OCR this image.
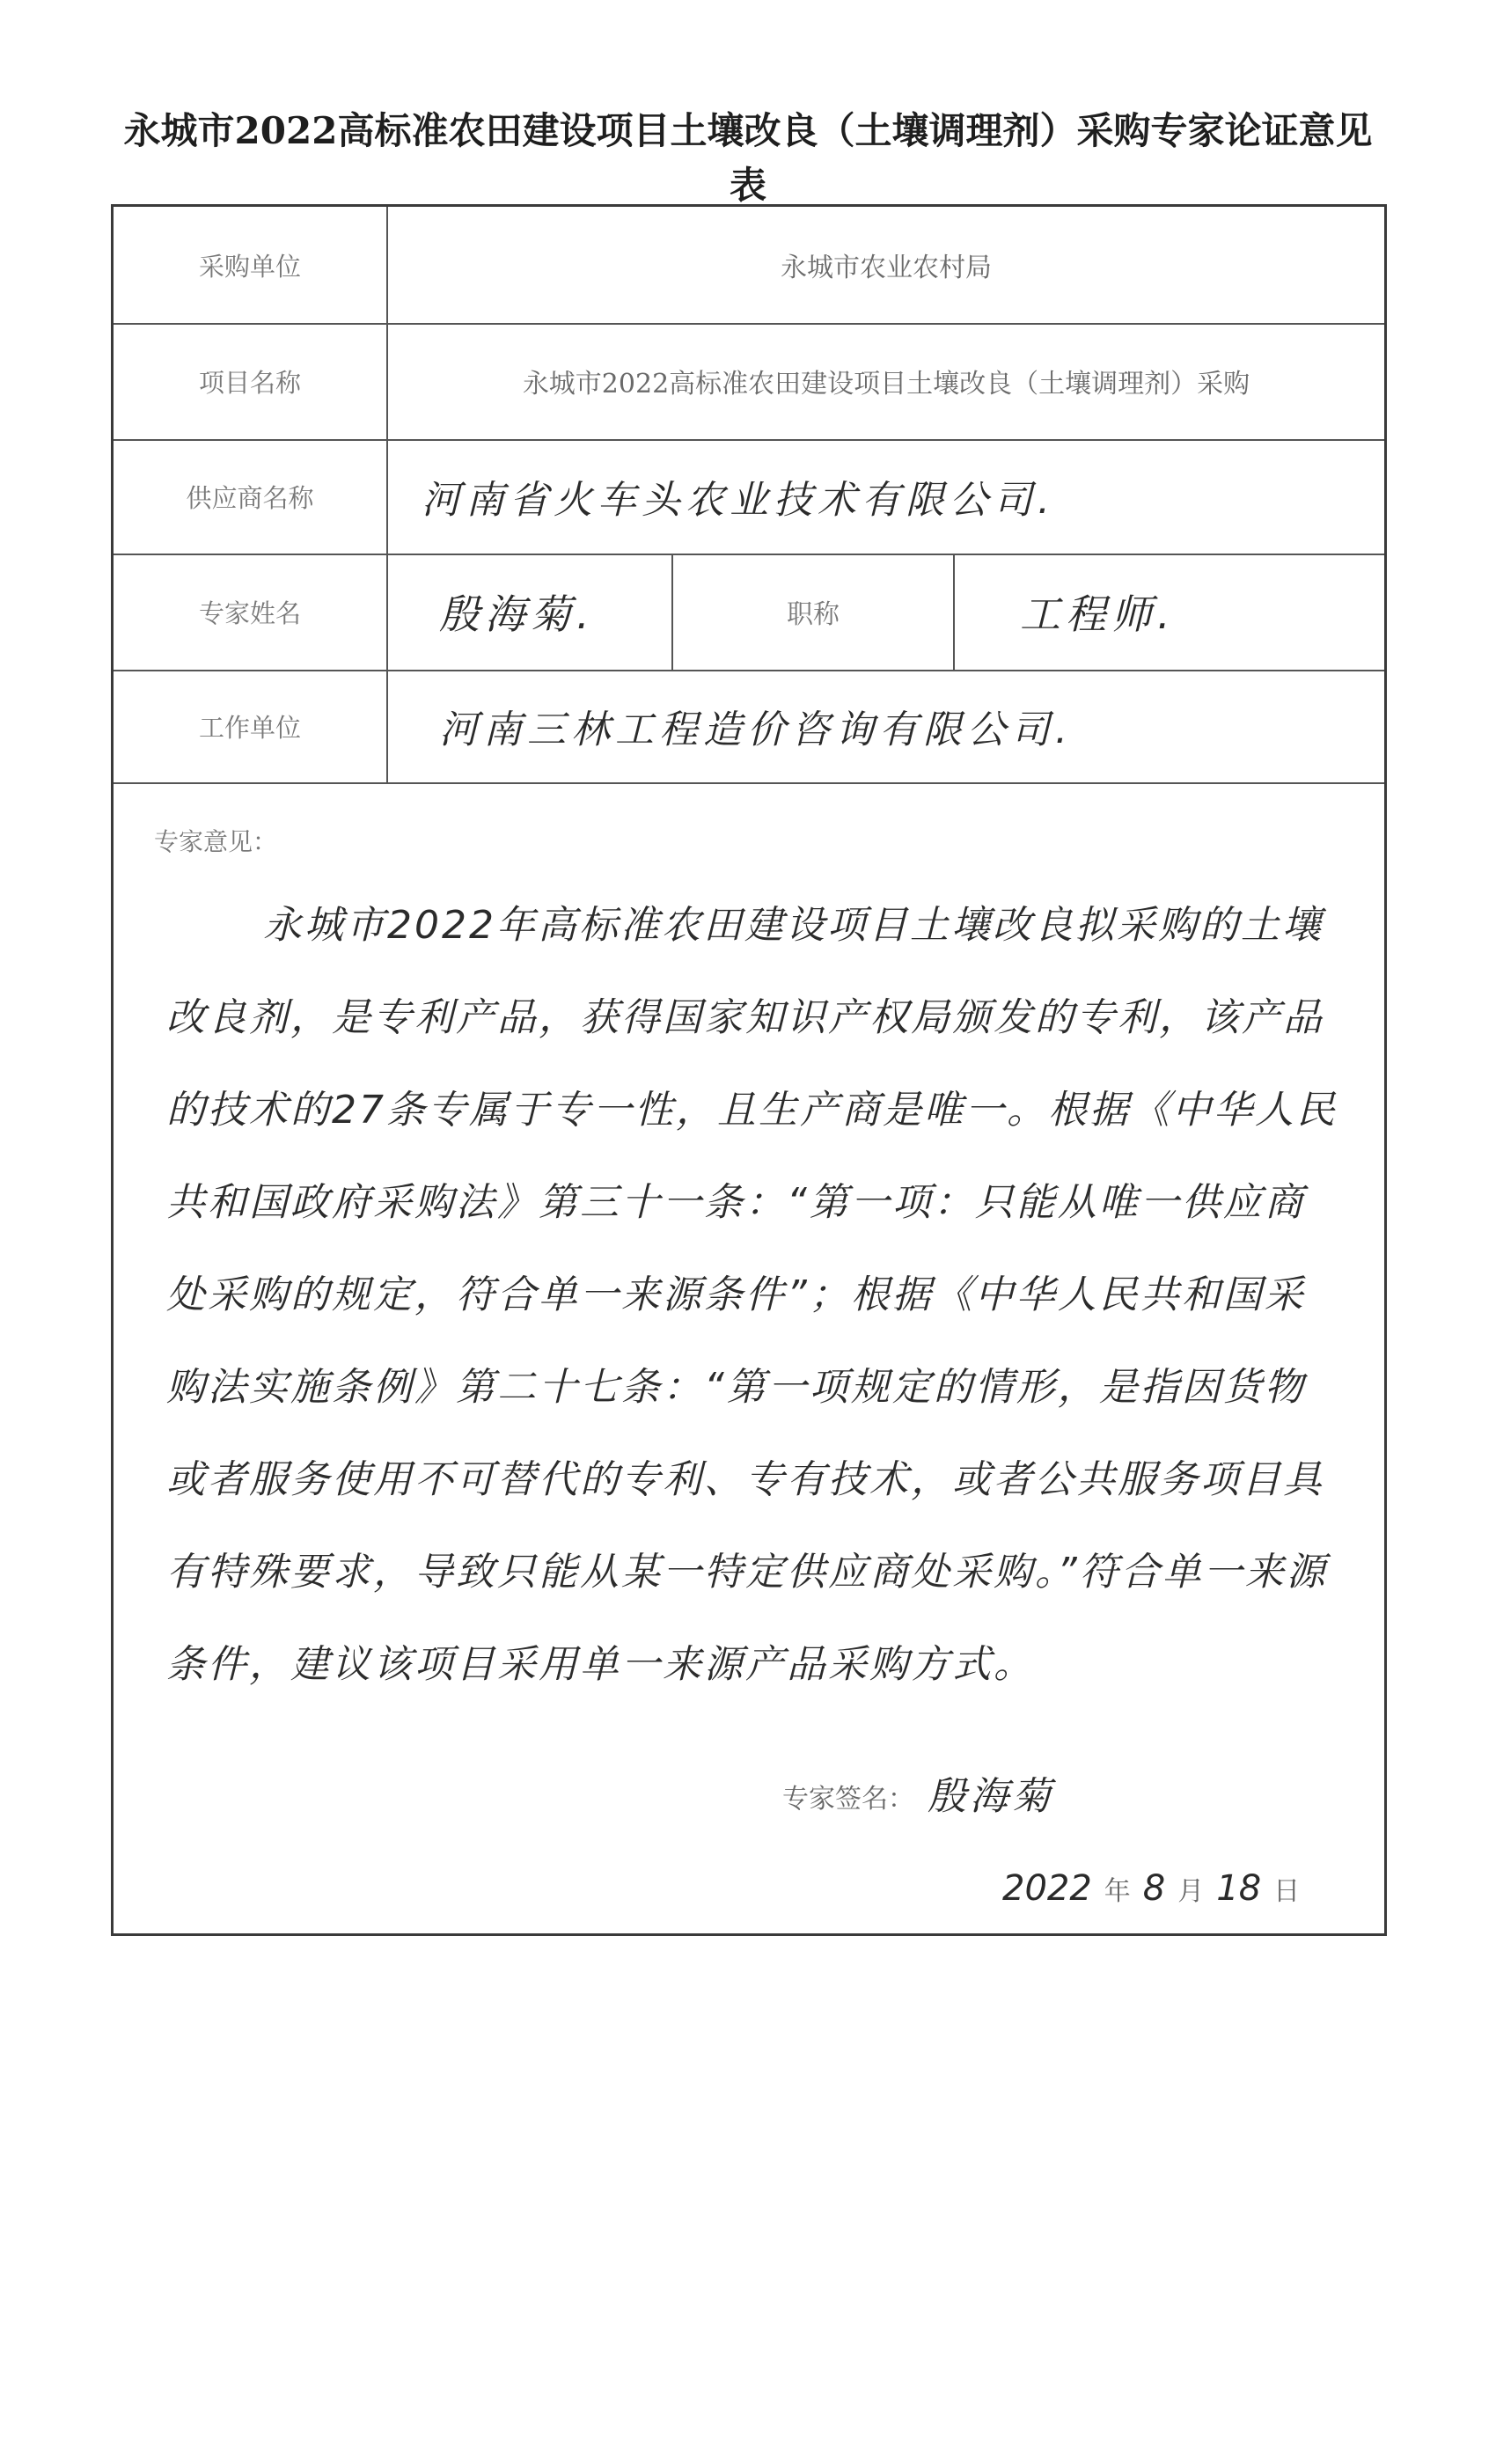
永城市2022高标准农田建设项目土壤改良（土壤调理剂）采购专家论证意见表
采购单位	永城市农业农村局
项目名称	永城市2022高标准农田建设项目土壤改良（土壤调理剂）采购
供应商名称	河南省火车头农业技术有限公司.
专家姓名	殷海菊.	职称	工程师.
工作单位	河南三林工程造价咨询有限公司.
专家意见：
永城市2022年高标准农田建设项目土壤改良拟采购的土壤改良剂，是专利产品，获得国家知识产权局颁发的专利，该产品的技术的27条专属于专一性，且生产商是唯一。根据《中华人民共和国政府采购法》第三十一条：“第一项：只能从唯一供应商处采购的规定，符合单一来源条件”；根据《中华人民共和国采购法实施条例》第二十七条：“第一项规定的情形，是指因货物或者服务使用不可替代的专利、专有技术，或者公共服务项目具有特殊要求，导致只能从某一特定供应商处采购。”符合单一来源条件，建议该项目采用单一来源产品采购方式。
专家签名： 殷海菊
2022 年 8 月 18 日
